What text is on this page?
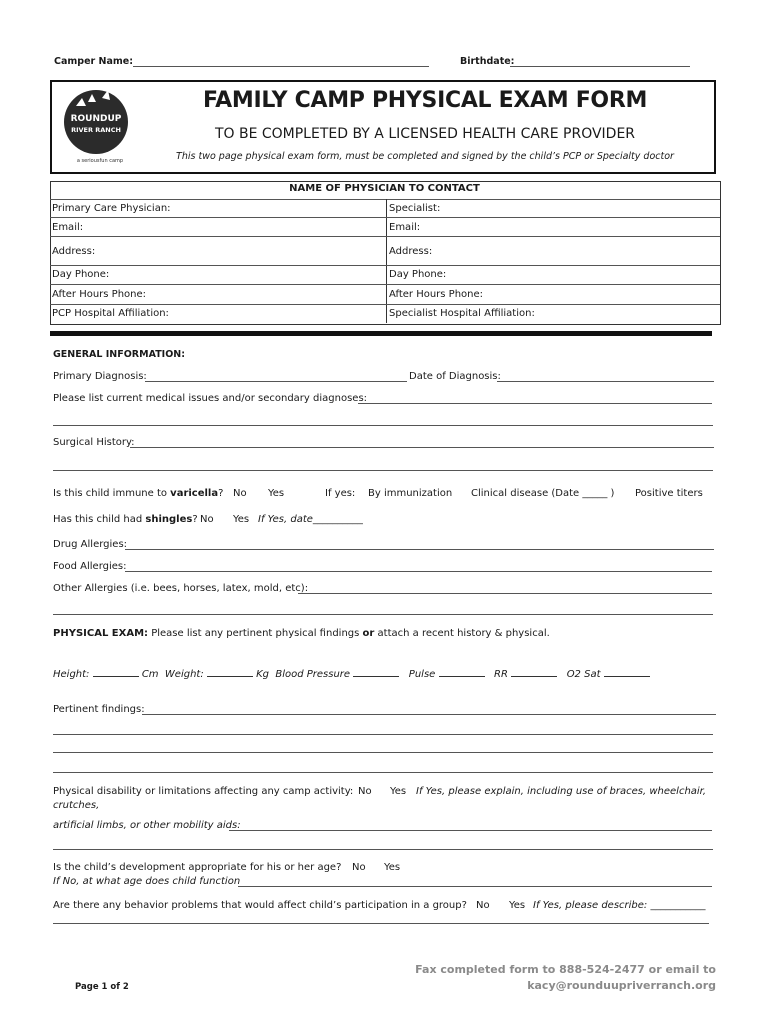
Camper Name:	Birthdate:
ROUNDUP
RIVER RANCH
a seriousfun camp
FAMILY CAMP PHYSICAL EXAM FORM
TO BE COMPLETED BY A LICENSED HEALTH CARE PROVIDER
This two page physical exam form, must be completed and signed by the child’s PCP or Specialty doctor
NAME OF PHYSICIAN TO CONTACT
Primary Care Physician:	Specialist:
Email:	Email:
Address:	Address:
Day Phone:	Day Phone:
After Hours Phone:	After Hours Phone:
PCP Hospital Affiliation:	Specialist Hospital Affiliation:
GENERAL INFORMATION:
Primary Diagnosis:	Date of Diagnosis:
Please list current medical issues and/or secondary diagnoses:
Surgical History:
Is this child immune to varicella? No Yes	If yes: By immunization Clinical disease (Date _____ ) Positive titers
Has this child had shingles? No Yes If Yes, date__________
Drug Allergies:
Food Allergies:
Other Allergies (i.e. bees, horses, latex, mold, etc):
PHYSICAL EXAM: Please list any pertinent physical findings or attach a recent history & physical.
Height:	Cm Weight:	Kg Blood Pressure	Pulse	RR	O2 Sat
Pertinent findings:
Physical disability or limitations affecting any camp activity: No Yes If Yes, please explain, including use of braces, wheelchair,
crutches,
artificial limbs, or other mobility aids:
Is the child’s development appropriate for his or her age? No Yes
If No, at what age does child function
Are there any behavior problems that would affect child’s participation in a group? No Yes If Yes, please describe: ___________
Page 1 of 2
Fax completed form to 888-524-2477 or email to
kacy@rounduupriverranch.org
